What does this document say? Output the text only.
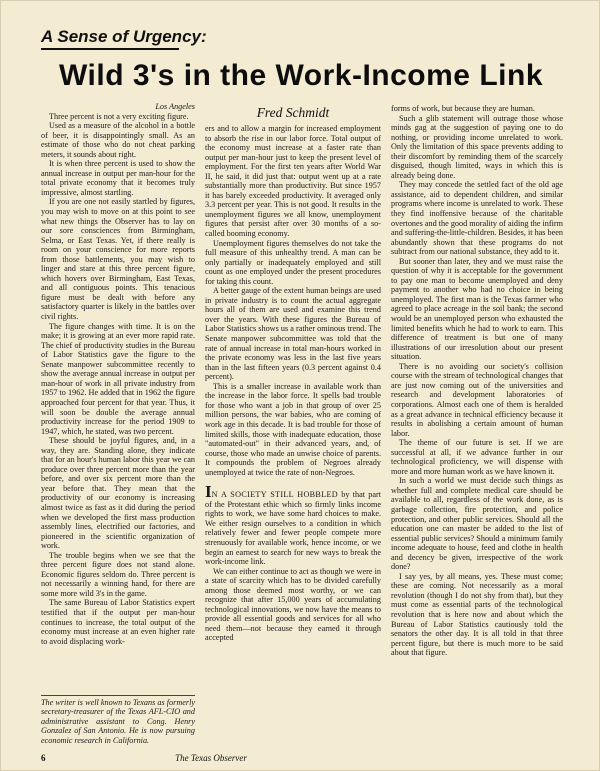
A Sense of Urgency:
Wild 3's in the Work-Income Link

Los Angeles

Three percent is not a very exciting figure.

Used as a measure of the alcohol in a bottle of beer, it is disappointingly small. As an estimate of those who do not cheat parking meters, it sounds about right.

It is when three percent is used to show the annual increase in output per man-hour for the total private economy that it becomes truly impressive, almost startling.

If you are one not easily startled by figures, you may wish to move on at this point to see what new things the Observer has to lay on our sore consciences from Birmingham, Selma, or East Texas. Yet, if there really is room on your conscience for more reports from those battlements, you may wish to linger and stare at this three percent figure, which hovers over Birmingham, East Texas, and all contiguous points. This tenacious figure must be dealt with before any satisfactory quarter is likely in the battles over civil rights.

The figure changes with time. It is on the make; it is growing at an ever more rapid rate. The chief of productivity studies in the Bureau of Labor Statistics gave the figure to the Senate manpower subcommittee recently to show the average annual increase in output per man-hour of work in all private industry from 1957 to 1962. He added that in 1962 the figure approached four percent for that year. Thus, it will soon be double the average annual productivity increase for the period 1909 to 1947, which, he stated, was two percent.

These should be joyful figures, and, in a way, they are. Standing alone, they indicate that for an hour's human labor this year we can produce over three percent more than the year before, and over six percent more than the year before that. They mean that the productivity of our economy is increasing almost twice as fast as it did during the period when we developed the first mass production assembly lines, electrified our factories, and pioneered in the scientific organization of work.

The trouble begins when we see that the three percent figure does not stand alone. Economic figures seldom do. Three percent is not necessarily a winning hand, for there are some more wild 3's in the game.

The same Bureau of Labor Statistics expert testified that if the output per man-hour continues to increase, the total output of the economy must increase at an even higher rate to avoid displacing work-

Fred Schmidt

ers and to allow a margin for increased employment to absorb the rise in our labor force. Total output of the economy must increase at a faster rate than output per man-hour just to keep the present level of employment. For the first ten years after World War II, he said, it did just that: output went up at a rate substantially more than productivity. But since 1957 it has barely exceeded productivity. It averaged only 3.3 percent per year. This is not good. It results in the unemployment figures we all know, unemployment figures that persist after over 30 months of a so-called booming economy.

Unemployment figures themselves do not take the full measure of this unhealthy trend. A man can be only partially or inadequately employed and still count as one employed under the present procedures for taking this count.

A better gauge of the extent human beings are used in private industry is to count the actual aggregate hours all of them are used and examine this trend over the years. With these figures the Bureau of Labor Statistics shows us a rather ominous trend. The Senate manpower subcommittee was told that the rate of annual increase in total man-hours worked in the private economy was less in the last five years than in the last fifteen years (0.3 percent against 0.4 percent).

This is a smaller increase in available work than the increase in the labor force. It spells bad trouble for those who want a job in that group of over 25 million persons, the war babies, who are coming of work age in this decade. It is bad trouble for those of limited skills, those with inadequate education, those "automated-out" in their advanced years, and, of course, those who made an unwise choice of parents. It compounds the problem of Negroes already unemployed at twice the rate of non-Negroes.

IN A SOCIETY STILL HOBBLED by that part of the Protestant ethic which so firmly links income rights to work, we have some hard choices to make. We either resign ourselves to a condition in which relatively fewer and fewer people compete more strenuously for available work, hence income, or we begin an earnest to search for new ways to break the work-income link.

We can either continue to act as though we were in a state of scarcity which has to be divided carefully among those deemed most worthy, or we can recognize that after 15,000 years of accumulating technological innovations, we now have the means to provide all essential goods and services for all who need them—not because they earned it through accepted

forms of work, but because they are human.

Such a glib statement will outrage those whose minds gag at the suggestion of paying one to do nothing, or providing income unrelated to work. Only the limitation of this space prevents adding to their discomfort by reminding them of the scarcely disguised, though limited, ways in which this is already being done.

They may concede the settled fact of the old age assistance, aid to dependent children, and similar programs where income is unrelated to work. These they find inoffensive because of the charitable overtones and the good morality of aiding the infirm and suffering-the-little-children. Besides, it has been abundantly shown that these programs do not subtract from our national substance, they add to it.

But sooner than later, they and we must raise the question of why it is acceptable for the government to pay one man to become unemployed and deny payment to another who had no choice in being unemployed. The first man is the Texas farmer who agreed to place acreage in the soil bank; the second would be an unemployed person who exhausted the limited benefits which he had to work to earn. This difference of treatment is but one of many illustrations of our irresolution about our present situation.

There is no avoiding our society's collision course with the stream of technological changes that are just now coming out of the universities and research and development laboratories of corporations. Almost each one of them is heralded as a great advance in technical efficiency because it results in abolishing a certain amount of human labor.

The theme of our future is set. If we are successful at all, if we advance further in our technological proficiency, we will dispense with more and more human work as we have known it.

In such a world we must decide such things as whether full and complete medical care should be available to all, regardless of the work done, as is garbage collection, fire protection, and police protection, and other public services. Should all the education one can master be added to the list of essential public services? Should a minimum family income adequate to house, feed and clothe in health and decency be given, irrespective of the work done?

I say yes, by all means, yes. These must come; these are coming. Not necessarily as a moral revolution (though I do not shy from that), but they must come as essential parts of the technological revolution that is here now and about which the Bureau of Labor Statistics cautiously told the senators the other day. It is all told in that three percent figure, but there is much more to be said about that figure.

The writer is well known to Texans as formerly secretary-treasurer of the Texas AFL-CIO and administrative assistant to Cong. Henry Gonzalez of San Antonio. He is now pursuing economic research in California.
6	The Texas Observer
